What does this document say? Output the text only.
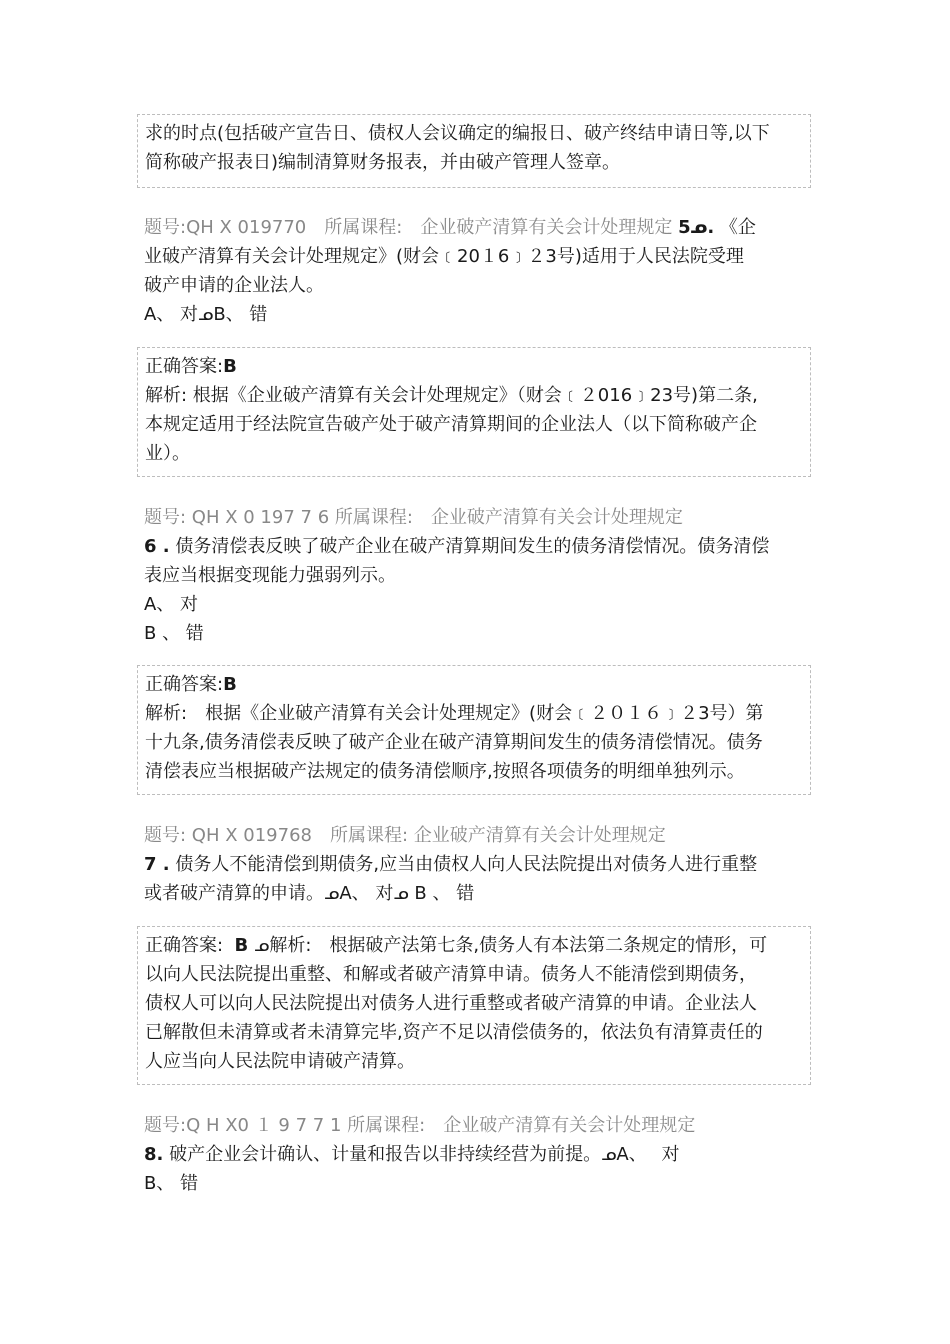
求的时点(包括破产宣告日、债权人会议确定的编报日、破产终结申请日等,以下
简称破产报表日)编制清算财务报表，并由破产管理人签章。
题号:QH X 019770　所属课程:　企业破产清算有关会计处理规定 5ᓄ. 《企
业破产清算有关会计处理规定》(财会﹝20１6﹞２3号)适用于人民法院受理
破产申请的企业法人。
A、 对ᓄB、 错
正确答案:B
解析: 根据《企业破产清算有关会计处理规定》（财会﹝２016﹞23号)第二条,
本规定适用于经法院宣告破产处于破产清算期间的企业法人（以下简称破产企
业）。
题号: QH X 0 197 7 6 所属课程:　企业破产清算有关会计处理规定
6 . 债务清偿表反映了破产企业在破产清算期间发生的债务清偿情况。债务清偿
表应当根据变现能力强弱列示。
A、 对
B 、 错
正确答案:B
解析:　根据《企业破产清算有关会计处理规定》(财会﹝２０１６﹞２3号）第
十九条,债务清偿表反映了破产企业在破产清算期间发生的债务清偿情况。债务
清偿表应当根据破产法规定的债务清偿顺序,按照各项债务的明细单独列示。
题号: QH X 019768　所属课程: 企业破产清算有关会计处理规定
7 . 债务人不能清偿到期债务,应当由债权人向人民法院提出对债务人进行重整
或者破产清算的申请。ᓄA、 对ᓄ B 、 错
正确答案: B ᓄ解析:　根据破产法第七条,债务人有本法第二条规定的情形，可
以向人民法院提出重整、和解或者破产清算申请。债务人不能清偿到期债务，
债权人可以向人民法院提出对债务人进行重整或者破产清算的申请。企业法人
已解散但未清算或者未清算完毕,资产不足以清偿债务的，依法负有清算责任的
人应当向人民法院申请破产清算。
题号:Q H X0 １ 9 7 7 1 所属课程:　企业破产清算有关会计处理规定
8. 破产企业会计确认、计量和报告以非持续经营为前提。ᓄA、　 对
B、 错
